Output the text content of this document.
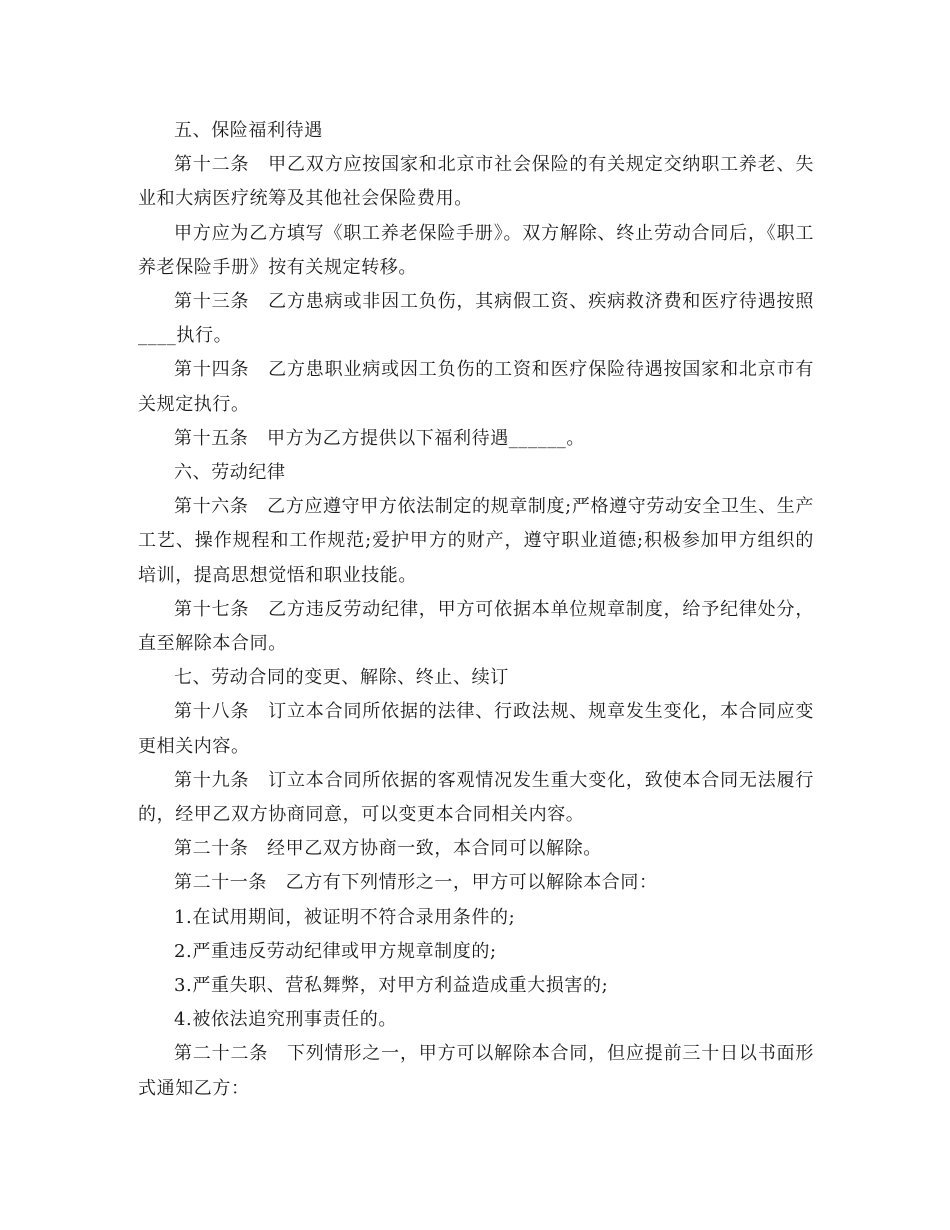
五、保险福利待遇

第十二条　甲乙双方应按国家和北京市社会保险的有关规定交纳职工养老、失业和大病医疗统筹及其他社会保险费用。

甲方应为乙方填写《职工养老保险手册》。双方解除、终止劳动合同后，《职工养老保险手册》按有关规定转移。

第十三条　乙方患病或非因工负伤，其病假工资、疾病救济费和医疗待遇按照____执行。

第十四条　乙方患职业病或因工负伤的工资和医疗保险待遇按国家和北京市有关规定执行。

第十五条　甲方为乙方提供以下福利待遇______。

六、劳动纪律

第十六条　乙方应遵守甲方依法制定的规章制度;严格遵守劳动安全卫生、生产工艺、操作规程和工作规范;爱护甲方的财产，遵守职业道德;积极参加甲方组织的培训，提高思想觉悟和职业技能。

第十七条　乙方违反劳动纪律，甲方可依据本单位规章制度，给予纪律处分，直至解除本合同。

七、劳动合同的变更、解除、终止、续订

第十八条　订立本合同所依据的法律、行政法规、规章发生变化，本合同应变更相关内容。

第十九条　订立本合同所依据的客观情况发生重大变化，致使本合同无法履行的，经甲乙双方协商同意，可以变更本合同相关内容。

第二十条　经甲乙双方协商一致，本合同可以解除。

第二十一条　乙方有下列情形之一，甲方可以解除本合同：

1.在试用期间，被证明不符合录用条件的;

2.严重违反劳动纪律或甲方规章制度的;

3.严重失职、营私舞弊，对甲方利益造成重大损害的;

4.被依法追究刑事责任的。

第二十二条　下列情形之一，甲方可以解除本合同，但应提前三十日以书面形式通知乙方：
